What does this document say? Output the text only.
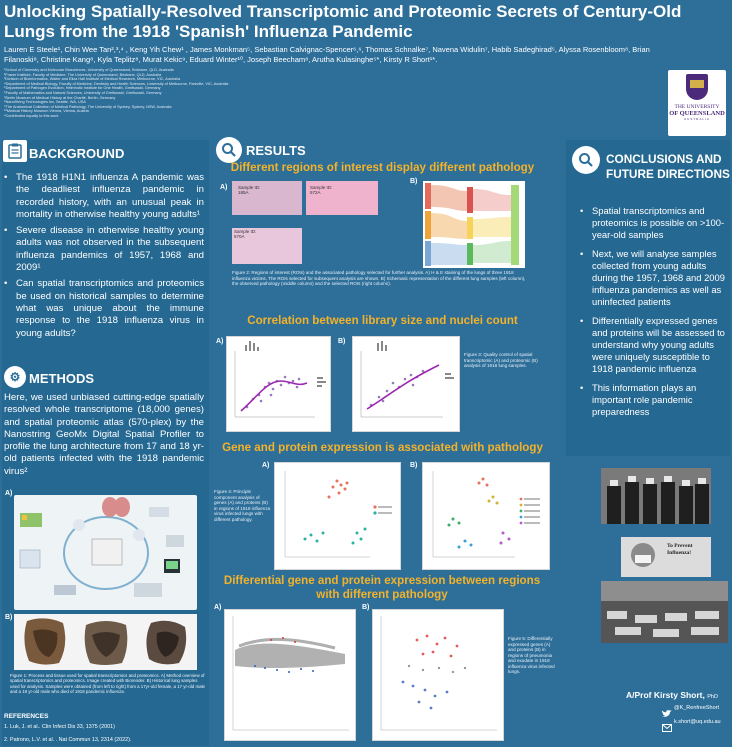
Unlocking Spatially-Resolved Transcriptomic and Proteomic Secrets of Century-Old Lungs from the 1918 'Spanish' Influenza Pandemic
Lauren E Steele¹, Chin Wee Tan²,³,⁴ , Keng Yih Chew¹ , James Monkman⁵, Sebastian Calvignac-Spencer⁶,⁶, Thomas Schnalke⁷, Navena Widulin⁷, Habib Sadeghirad⁵, Alyssa Rosenbloom⁸, Brian Filanoski⁸, Christine Kang⁸, Kyla Teplitz⁸, Murat Kekic⁹, Eduard Winter¹⁰, Joseph Beecham⁸, Arutha Kulasinghe⁵*, Kirsty R Short¹*.
¹School of Chemistry and Molecular Biosciences, University of Queensland, Brisbane, QLD, Australia
²Frazer Institute, Faculty of Medicine, The University of Queensland, Brisbane, QLD, Australia
³Division of Bioinformatics, Walter and Eliza Hall Institute of Medical Research, Melbourne, VIC, Australia
⁴Department of Medical Biology, Faculty of Medicine, Dentistry and Health Sciences, University of Melbourne, Parkville, VIC, Australia
⁵Department of Pathogen Evolution, Helmholtz Institute for One Health, Greifswald, Germany
⁶Faculty of Mathematics and Natural Sciences, University of Greifswald, Greifswald, Germany
⁷Berlin Museum of Medical History at the Charité, Berlin, Germany
⁸NanoString Technologies Inc, Seattle, WA, USA
⁹The Anatomical Collection of Medical Pathology, The University of Sydney, Sydney, NSW, Australia
¹⁰Medical History Museum Vienna, Vienna, Austria
*Contributed equally to this work
THE UNIVERSITY
OF QUEENSLAND
AUSTRALIA
BACKGROUND
• The 1918 H1N1 influenza A pandemic was the deadliest influenza pandemic in recorded history, with an unusual peak in mortality in otherwise healthy young adults¹
• Severe disease in otherwise healthy young adults was not observed in the subsequent influenza pandemics of 1957, 1968 and 2009¹
• Can spatial transcriptomics and proteomics be used on historical samples to determine what was unique about the immune response to the 1918 influenza virus in young adults?
⚙ METHODS
Here, we used unbiased cutting-edge spatially resolved whole transcriptome (18,000 genes) and spatial proteomic atlas (570-plex) by the Nanostring GeoMx Digital Spatial Profiler to profile the lung architecture from 17 and 18 yr-old patients infected with the 1918 pandemic virus²
A)
B)
Figure 1: Process and tissue used for spatial transcriptomics and proteomics. A) Method overview of spatial transcriptomics and proteomics. Image created with Biorender. B) Historical lung samples used for analysis. Samples were obtained (from left to right) from a 17yr-old female, a 17 yr-old male and a 18 yr-old male who died of 1918 pandemic influenza.
REFERENCES
1. Luk, J. et al.. Clin Infect Dis 33, 1375 (2001)
2. Patrono, L.V. et al. . Nat Commun 13, 2314 (2022).
RESULTS
Different regions of interest display different pathology
A) Sample ID: 185A
Sample ID: 572A
Sample ID: 570A
B)
Figure 2: Regions of interest (ROIs) and the associated pathology selected for further analysis. A) H & E staining of the lungs of three 1918 influenza victims. The ROIs selected for subsequent analysis are shown. B) Schematic representation of the different lung samples (left column), the observed pathology (middle column) and the selected ROIs (right column).
Correlation between library size and nuclei count
A)	B)
Figure 3: Quality control of spatial transcriptomic (A) and proteomic (B) analysis of 1918 lung samples.
Gene and protein expression is associated with pathology
A)
Figure 4: Principle component analysis of genes (A) and proteins (B) in regions of 1918 influenza virus infected lungs with different pathology.
B)
Differential gene and protein expression between regions with different pathology
A)	B)
Figure 5: Differentially expressed genes (A) and proteins (B) in regions of pneumonia and exudate in 1918 influenza virus infected lungs.
CONCLUSIONS AND FUTURE DIRECTIONS
• Spatial transcriptomics and proteomics is possible on >100-year-old samples
• Next, we will analyse samples collected from young adults during the 1957, 1968 and 2009 influenza pandemics as well as uninfected patients
• Differentially expressed genes and proteins will be assessed to understand why young adults were uniquely susceptible to 1918 pandemic influenza
• This information plays an important role pandemic preparedness
To Prevent Influenza!
A/Prof Kirsty Short, PhD
@K_RenfreeShort
k.short@uq.edu.au
